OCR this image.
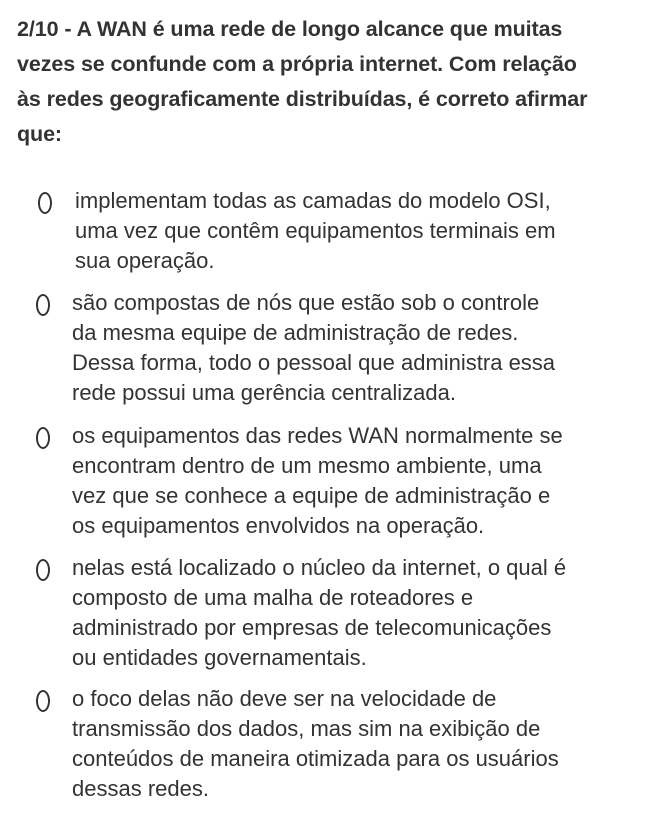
2/10 - A WAN é uma rede de longo alcance que muitas
vezes se confunde com a própria internet. Com relação
às redes geograficamente distribuídas, é correto afirmar
que:
implementam todas as camadas do modelo OSI,
uma vez que contêm equipamentos terminais em
sua operação.
são compostas de nós que estão sob o controle
da mesma equipe de administração de redes.
Dessa forma, todo o pessoal que administra essa
rede possui uma gerência centralizada.
os equipamentos das redes WAN normalmente se
encontram dentro de um mesmo ambiente, uma
vez que se conhece a equipe de administração e
os equipamentos envolvidos na operação.
nelas está localizado o núcleo da internet, o qual é
composto de uma malha de roteadores e
administrado por empresas de telecomunicações
ou entidades governamentais.
o foco delas não deve ser na velocidade de
transmissão dos dados, mas sim na exibição de
conteúdos de maneira otimizada para os usuários
dessas redes.
